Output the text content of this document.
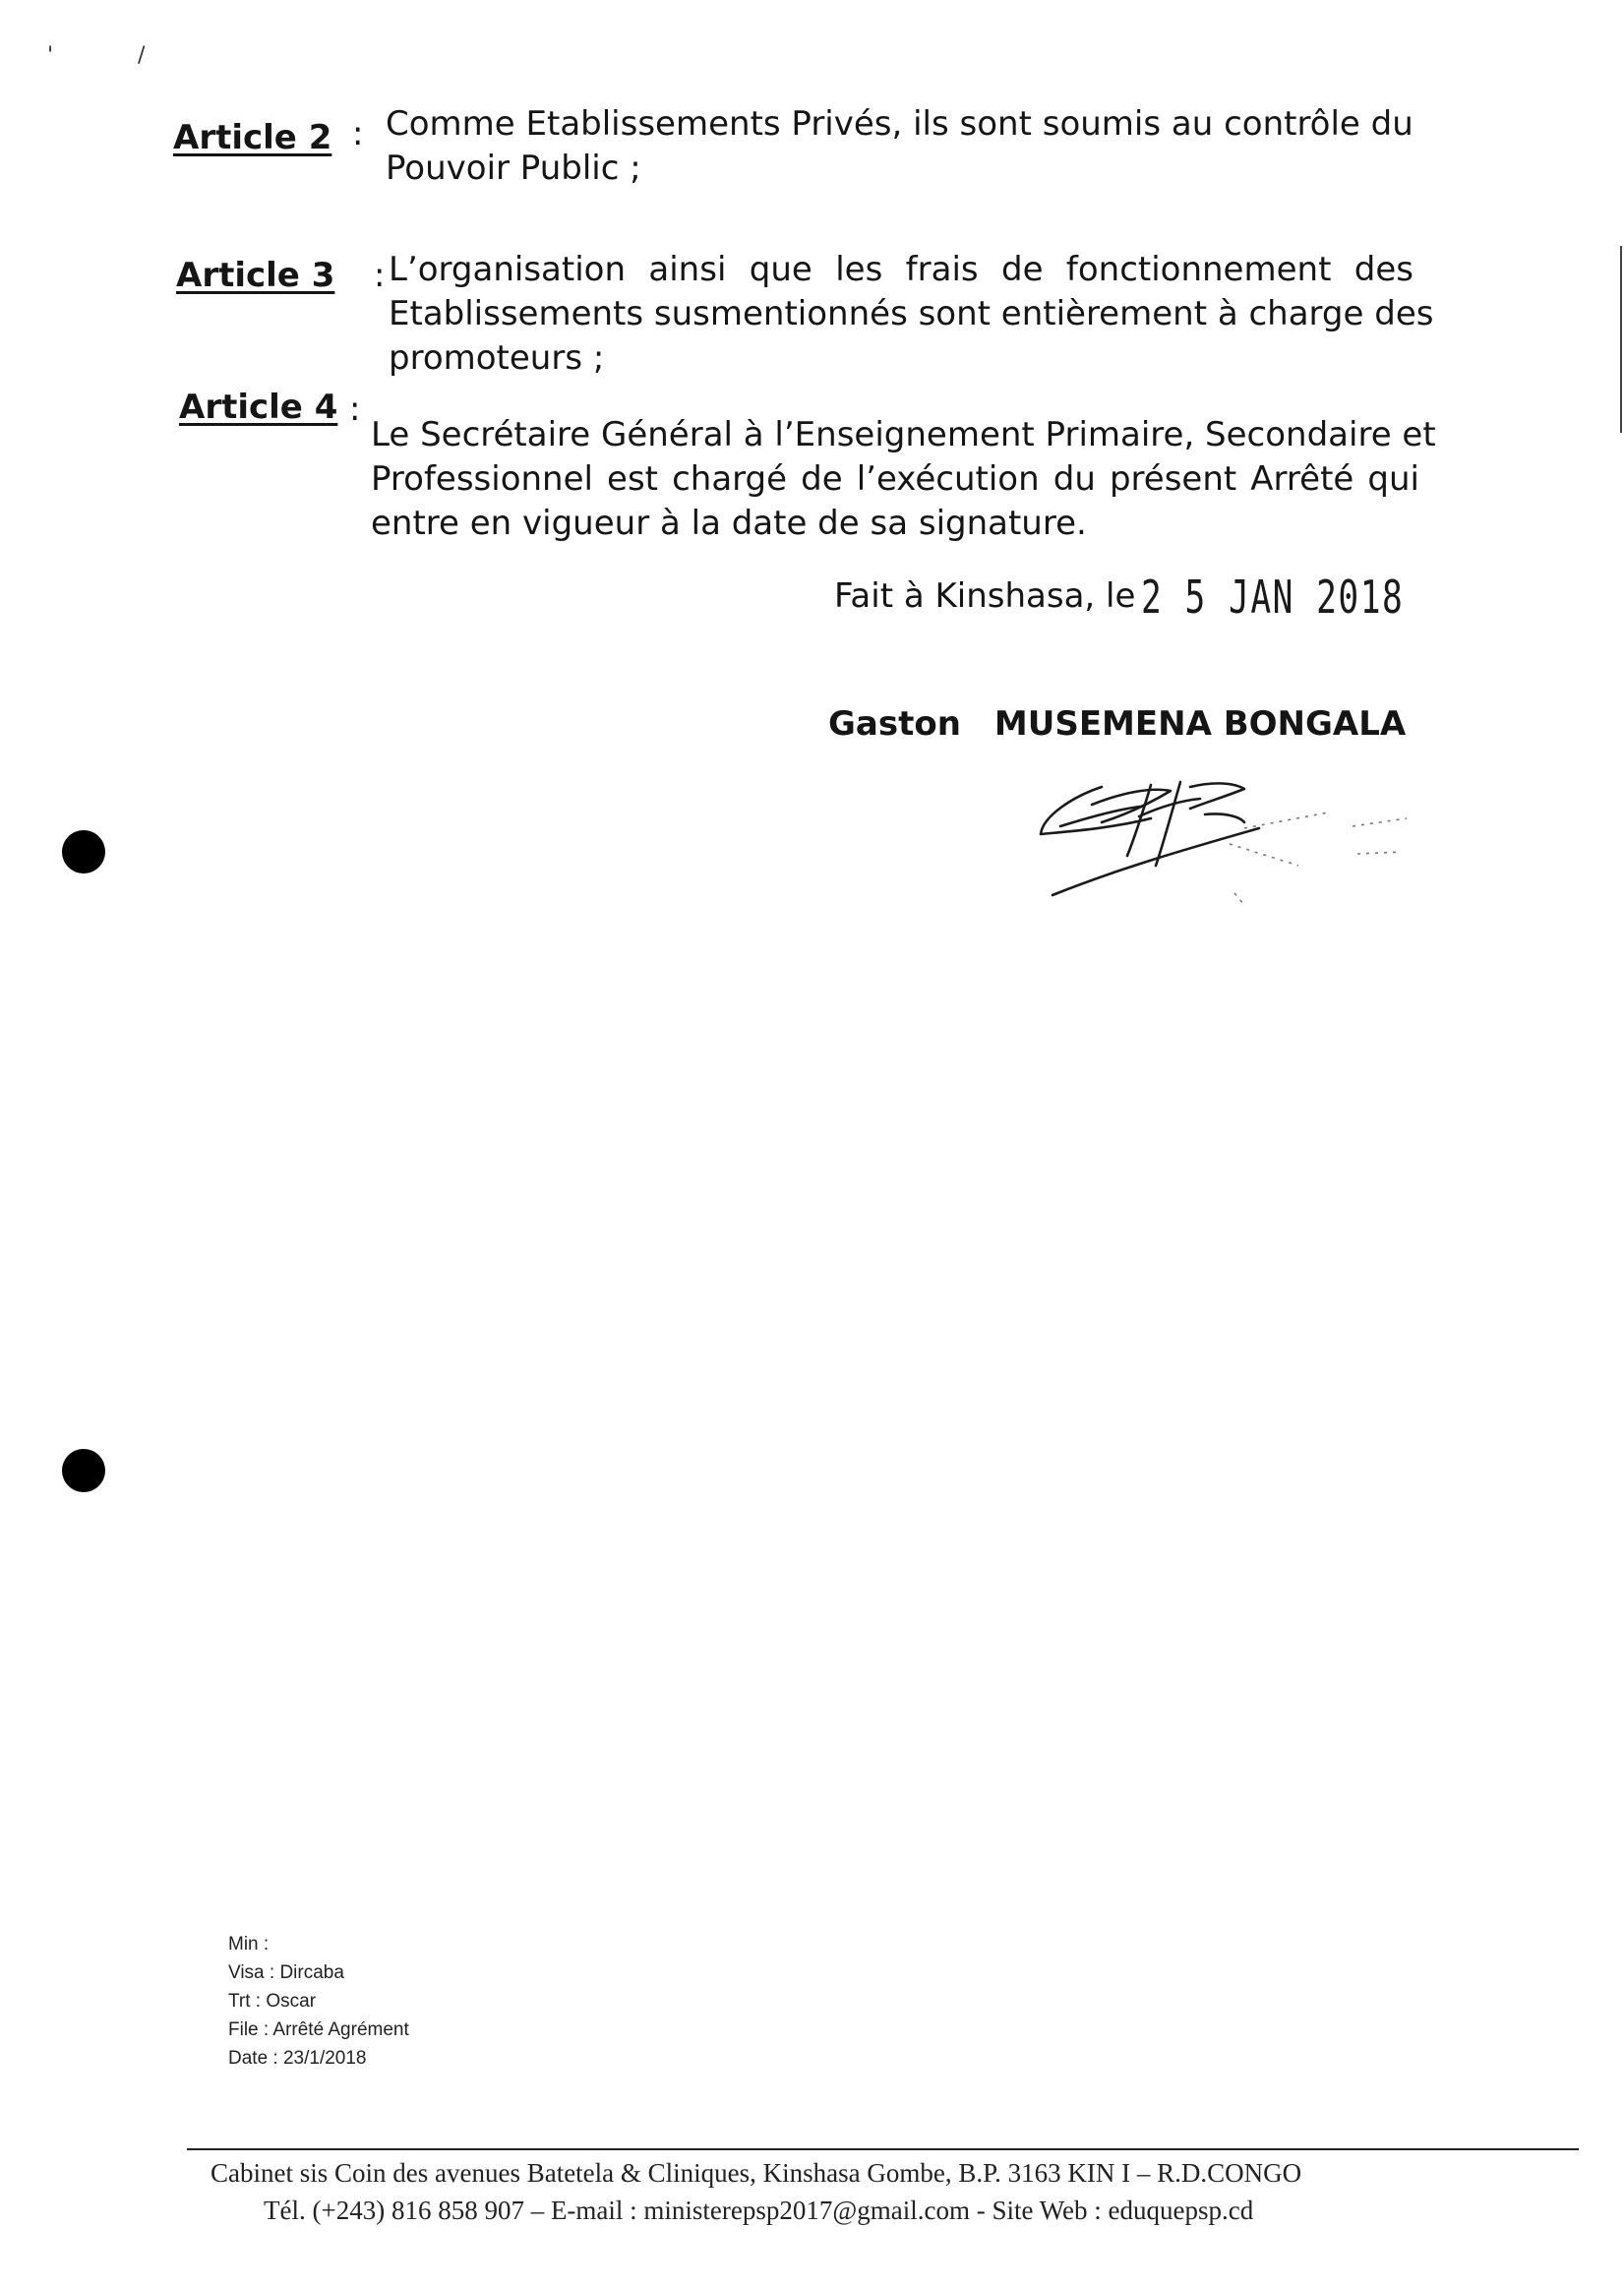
'	/
Article 2 : Comme Etablissements Privés, ils sont soumis au contrôle du
Pouvoir Public ;
Article 3 : L’organisation ainsi que les frais de fonctionnement des
Etablissements susmentionnés sont entièrement à charge des
promoteurs ;
Article 4 :
Le Secrétaire Général à l’Enseignement Primaire, Secondaire et
Professionnel est chargé de l’exécution du présent Arrêté qui
entre en vigueur à la date de sa signature.
Fait à Kinshasa, le 2 5 JAN 2018
Gaston MUSEMENA BONGALA
Min :
Visa : Dircaba
Trt : Oscar
File : Arrêté Agrément
Date : 23/1/2018
Cabinet sis Coin des avenues Batetela & Cliniques, Kinshasa Gombe, B.P. 3163 KIN I – R.D.CONGO
Tél. (+243) 816 858 907 – E-mail : ministerepsp2017@gmail.com - Site Web : eduquepsp.cd
